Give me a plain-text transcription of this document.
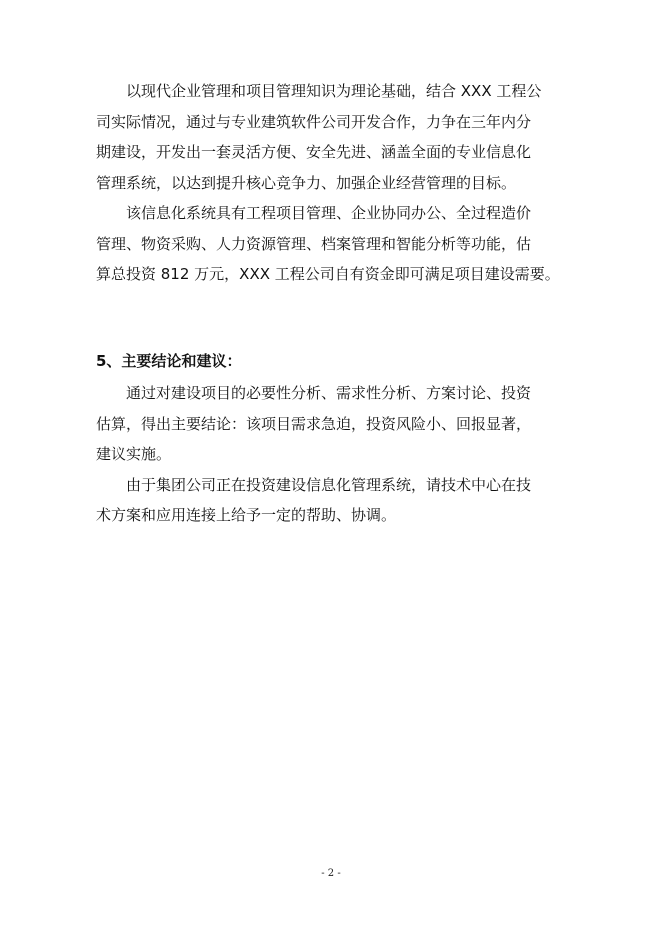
以现代企业管理和项目管理知识为理论基础，结合 XXX 工程公
司实际情况，通过与专业建筑软件公司开发合作，力争在三年内分
期建设，开发出一套灵活方便、安全先进、涵盖全面的专业信息化
管理系统，以达到提升核心竞争力、加强企业经营管理的目标。

该信息化系统具有工程项目管理、企业协同办公、全过程造价
管理、物资采购、人力资源管理、档案管理和智能分析等功能，估
算总投资 812 万元，XXX 工程公司自有资金即可满足项目建设需要。

5、主要结论和建议：

通过对建设项目的必要性分析、需求性分析、方案讨论、投资
估算，得出主要结论：该项目需求急迫，投资风险小、回报显著，
建议实施。

由于集团公司正在投资建设信息化管理系统，请技术中心在技
术方案和应用连接上给予一定的帮助、协调。

- 2 -
